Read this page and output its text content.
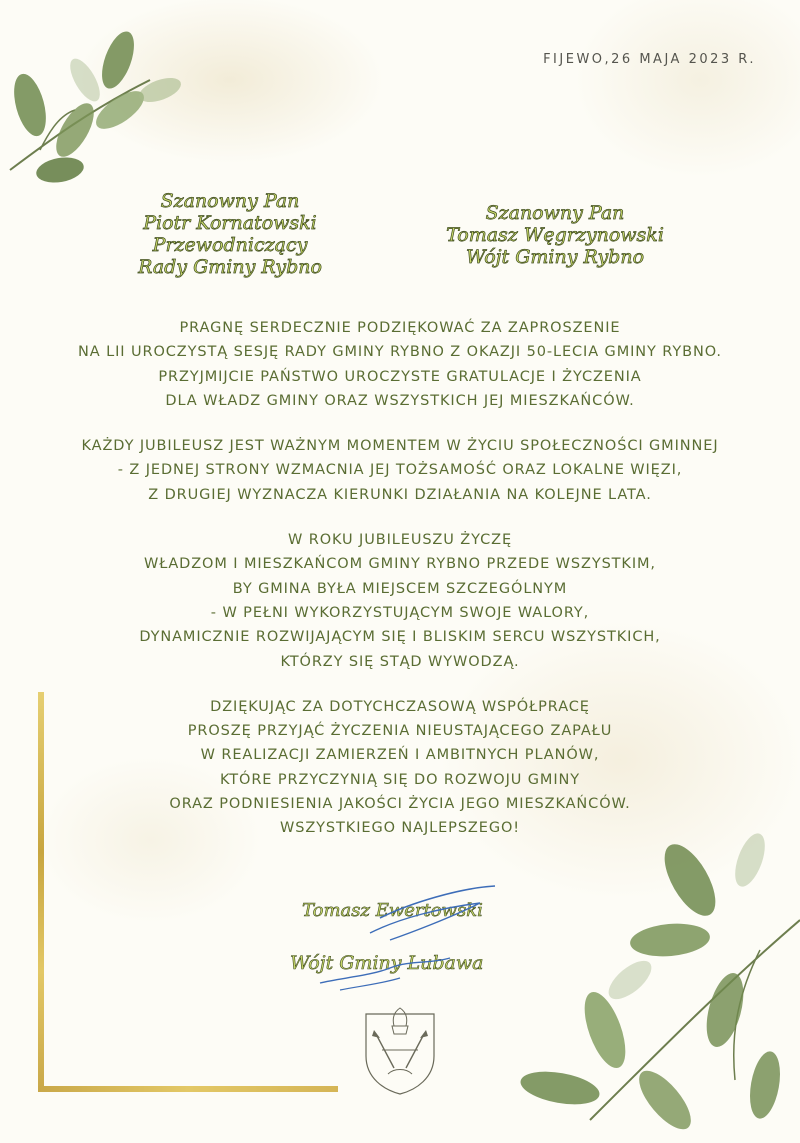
FIJEWO,26 MAJA 2023 R.
Szanowny Pan
Piotr Kornatowski
Przewodniczący
Rady Gminy Rybno
Szanowny Pan
Tomasz Węgrzynowski
Wójt Gminy Rybno

PRAGNĘ SERDECZNIE PODZIĘKOWAĆ ZA ZAPROSZENIE
NA LII UROCZYSTĄ SESJĘ RADY GMINY RYBNO Z OKAZJI 50-LECIA GMINY RYBNO.
PRZYJMIJCIE PAŃSTWO UROCZYSTE GRATULACJE I ŻYCZENIA
DLA WŁADZ GMINY ORAZ WSZYSTKICH JEJ MIESZKAŃCÓW.

KAŻDY JUBILEUSZ JEST WAŻNYM MOMENTEM W ŻYCIU SPOŁECZNOŚCI GMINNEJ
- Z JEDNEJ STRONY WZMACNIA JEJ TOŻSAMOŚĆ ORAZ LOKALNE WIĘZI,
Z DRUGIEJ WYZNACZA KIERUNKI DZIAŁANIA NA KOLEJNE LATA.

W ROKU JUBILEUSZU ŻYCZĘ
WŁADZOM I MIESZKAŃCOM GMINY RYBNO PRZEDE WSZYSTKIM,
BY GMINA BYŁA MIEJSCEM SZCZEGÓLNYM
- W PEŁNI WYKORZYSTUJĄCYM SWOJE WALORY,
DYNAMICZNIE ROZWIJAJĄCYM SIĘ I BLISKIM SERCU WSZYSTKICH,
KTÓRZY SIĘ STĄD WYWODZĄ.

DZIĘKUJĄC ZA DOTYCHCZASOWĄ WSPÓŁPRACĘ
PROSZĘ PRZYJĄĆ ŻYCZENIA NIEUSTAJĄCEGO ZAPAŁU
W REALIZACJI ZAMIERZEŃ I AMBITNYCH PLANÓW,
KTÓRE PRZYCZYNIĄ SIĘ DO ROZWOJU GMINY
ORAZ PODNIESIENIA JAKOŚCI ŻYCIA JEGO MIESZKAŃCÓW.
WSZYSTKIEGO NAJLEPSZEGO!

Tomasz Ewertowski
Wójt Gminy Lubawa
